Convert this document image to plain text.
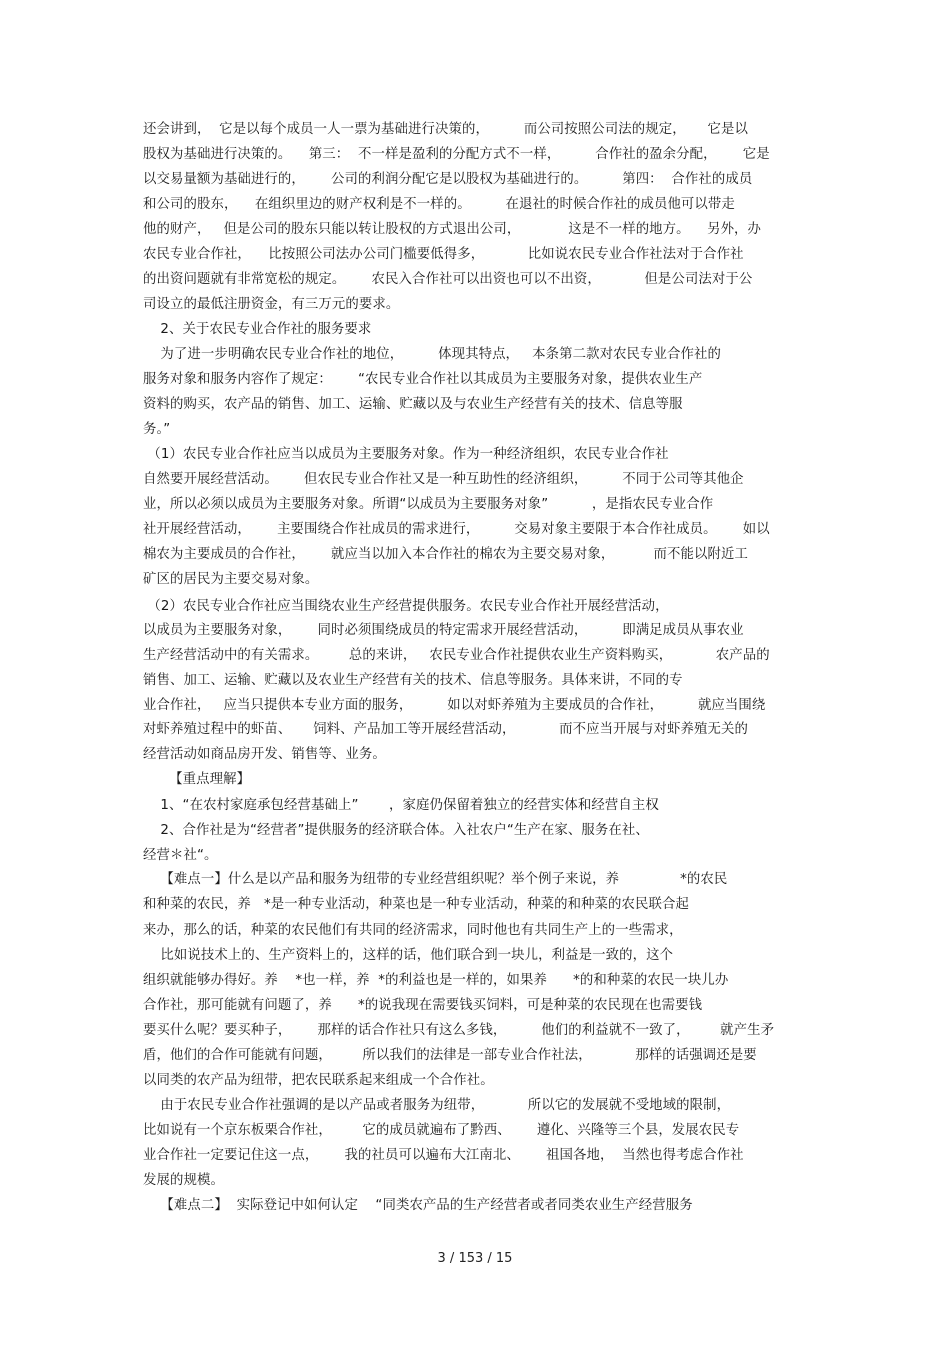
还会讲到，  它是以每个成员一人一票为基础进行决策的，        而公司按照公司法的规定，     它是以

股权为基础进行决策的。    第三：  不一样是盈利的分配方式不一样，        合作社的盈余分配，      它是

以交易量额为基础进行的，      公司的利润分配它是以股权为基础进行的。        第四：  合作社的成员

和公司的股东，    在组织里边的财产权利是不一样的。        在退社的时候合作社的成员他可以带走

他的财产，   但是公司的股东只能以转让股权的方式退出公司，           这是不一样的地方。    另外，办

农民专业合作社，    比按照公司法办公司门槛要低得多，          比如说农民专业合作社法对于合作社

的出资问题就有非常宽松的规定。      农民入合作社可以出资也可以不出资，          但是公司法对于公

司设立的最低注册资金，有三万元的要求。

2、关于农民专业合作社的服务要求

为了进一步明确农民专业合作社的地位，        体现其特点，   本条第二款对农民专业合作社的

服务对象和服务内容作了规定：      “农民专业合作社以其成员为主要服务对象，提供农业生产

资料的购买，农产品的销售、加工、运输、贮藏以及与农业生产经营有关的技术、信息等服

务。”

（1）农民专业合作社应当以成员为主要服务对象。作为一种经济组织，农民专业合作社

自然要开展经营活动。      但农民专业合作社又是一种互助性的经济组织，        不同于公司等其他企

业，所以必须以成员为主要服务对象。所谓“以成员为主要服务对象”          ，是指农民专业合作

社开展经营活动，      主要围绕合作社成员的需求进行，        交易对象主要限于本合作社成员。      如以

棉农为主要成员的合作社，      就应当以加入本合作社的棉农为主要交易对象，         而不能以附近工

矿区的居民为主要交易对象。

（2）农民专业合作社应当围绕农业生产经营提供服务。农民专业合作社开展经营活动，

以成员为主要服务对象，      同时必须围绕成员的特定需求开展经营活动，        即满足成员从事农业

生产经营活动中的有关需求。       总的来讲，   农民专业合作社提供农业生产资料购买，          农产品的

销售、加工、运输、贮藏以及农业生产经营有关的技术、信息等服务。具体来讲，不同的专

业合作社，   应当只提供本专业方面的服务，        如以对虾养殖为主要成员的合作社，        就应当围绕

对虾养殖过程中的虾苗、     饲料、产品加工等开展经营活动，          而不应当开展与对虾养殖无关的

经营活动如商品房开发、销售等、业务。

【重点理解】

1、“在农村家庭承包经营基础上”       ，家庭仍保留着独立的经营实体和经营自主权

2、合作社是为“经营者”提供服务的经济联合体。入社农户“生产在家、服务在社、

经营＊社“。

【难点一】什么是以产品和服务为纽带的专业经营组织呢？举个例子来说，养              *的农民

和种菜的农民，养   *是一种专业活动，种菜也是一种专业活动，种菜的和种菜的农民联合起

来办，那么的话，种菜的农民他们有共同的经济需求，同时他也有共同生产上的一些需求，

比如说技术上的、生产资料上的，这样的话，他们联合到一块儿，利益是一致的，这个

组织就能够办得好。养    *也一样，养  *的利益也是一样的，如果养      *的和种菜的农民一块儿办

合作社，那可能就有问题了，养      *的说我现在需要钱买饲料，可是种菜的农民现在也需要钱

要买什么呢？要买种子，      那样的话合作社只有这么多钱，        他们的利益就不一致了，       就产生矛

盾，他们的合作可能就有问题，       所以我们的法律是一部专业合作社法，          那样的话强调还是要

以同类的农产品为纽带，把农民联系起来组成一个合作社。

由于农民专业合作社强调的是以产品或者服务为纽带，          所以它的发展就不受地域的限制，

比如说有一个京东板栗合作社，       它的成员就遍布了黔西、      遵化、兴隆等三个县，发展农民专

业合作社一定要记住这一点，      我的社员可以遍布大江南北、      祖国各地，  当然也得考虑合作社

发展的规模。

【难点二】  实际登记中如何认定    “同类农产品的生产经营者或者同类农业生产经营服务

3 / 153 / 15
